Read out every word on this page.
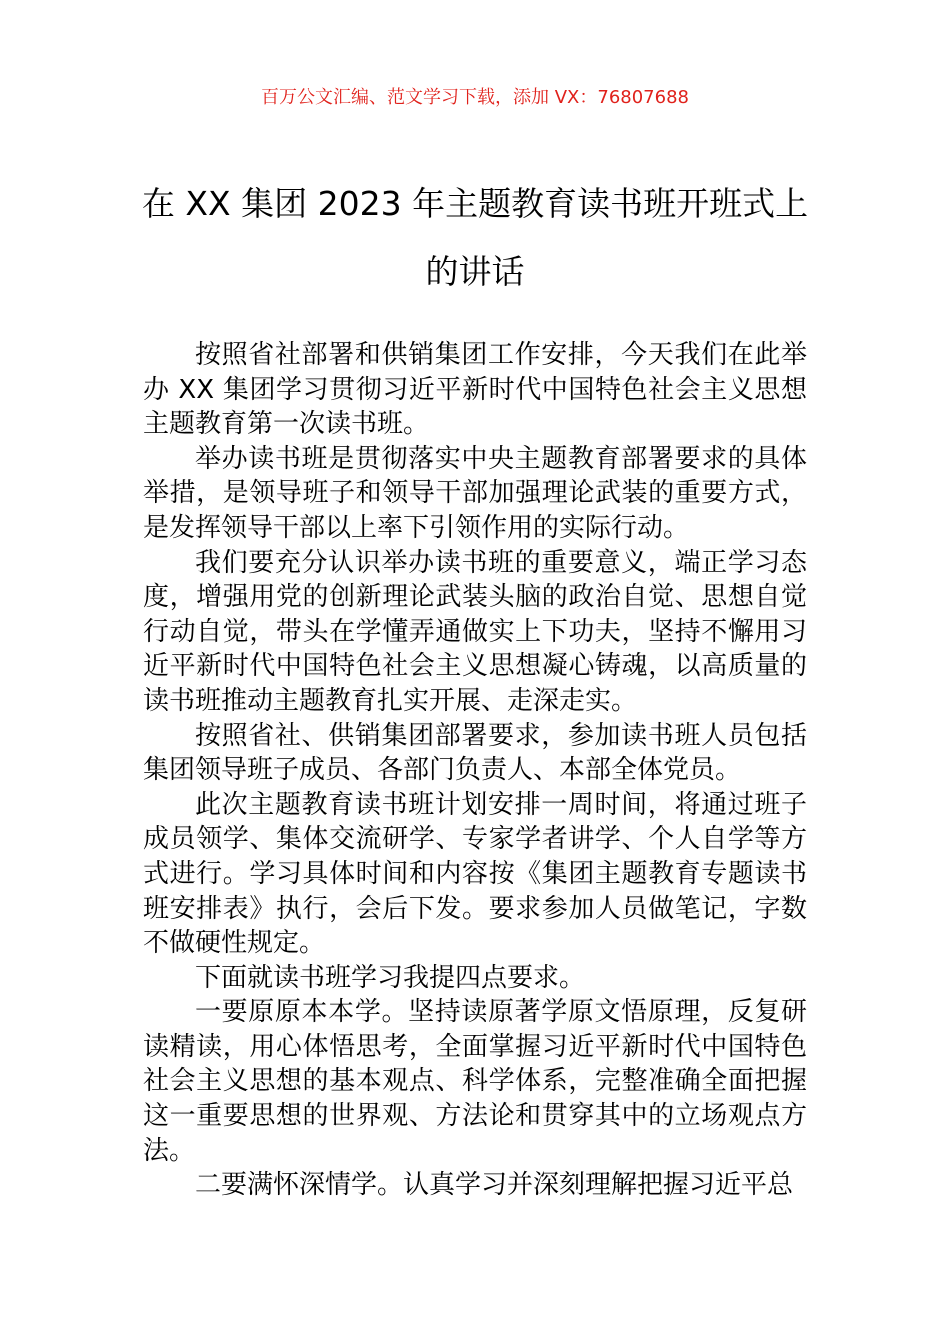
百万公文汇编、范文学习下载，添加 VX：76807688
在 XX 集团 2023 年主题教育读书班开班式上的讲话

按照省社部署和供销集团工作安排，今天我们在此举办 XX 集团学习贯彻习近平新时代中国特色社会主义思想主题教育第一次读书班。

举办读书班是贯彻落实中央主题教育部署要求的具体举措，是领导班子和领导干部加强理论武装的重要方式，是发挥领导干部以上率下引领作用的实际行动。

我们要充分认识举办读书班的重要意义，端正学习态度，增强用党的创新理论武装头脑的政治自觉、思想自觉行动自觉，带头在学懂弄通做实上下功夫，坚持不懈用习近平新时代中国特色社会主义思想凝心铸魂，以高质量的读书班推动主题教育扎实开展、走深走实。

按照省社、供销集团部署要求，参加读书班人员包括集团领导班子成员、各部门负责人、本部全体党员。

此次主题教育读书班计划安排一周时间，将通过班子成员领学、集体交流研学、专家学者讲学、个人自学等方式进行。学习具体时间和内容按《集团主题教育专题读书班安排表》执行，会后下发。要求参加人员做笔记，字数不做硬性规定。

下面就读书班学习我提四点要求。

一要原原本本学。坚持读原著学原文悟原理，反复研读精读，用心体悟思考，全面掌握习近平新时代中国特色社会主义思想的基本观点、科学体系，完整准确全面把握这一重要思想的世界观、方法论和贯穿其中的立场观点方法。

二要满怀深情学。认真学习并深刻理解把握习近平总
